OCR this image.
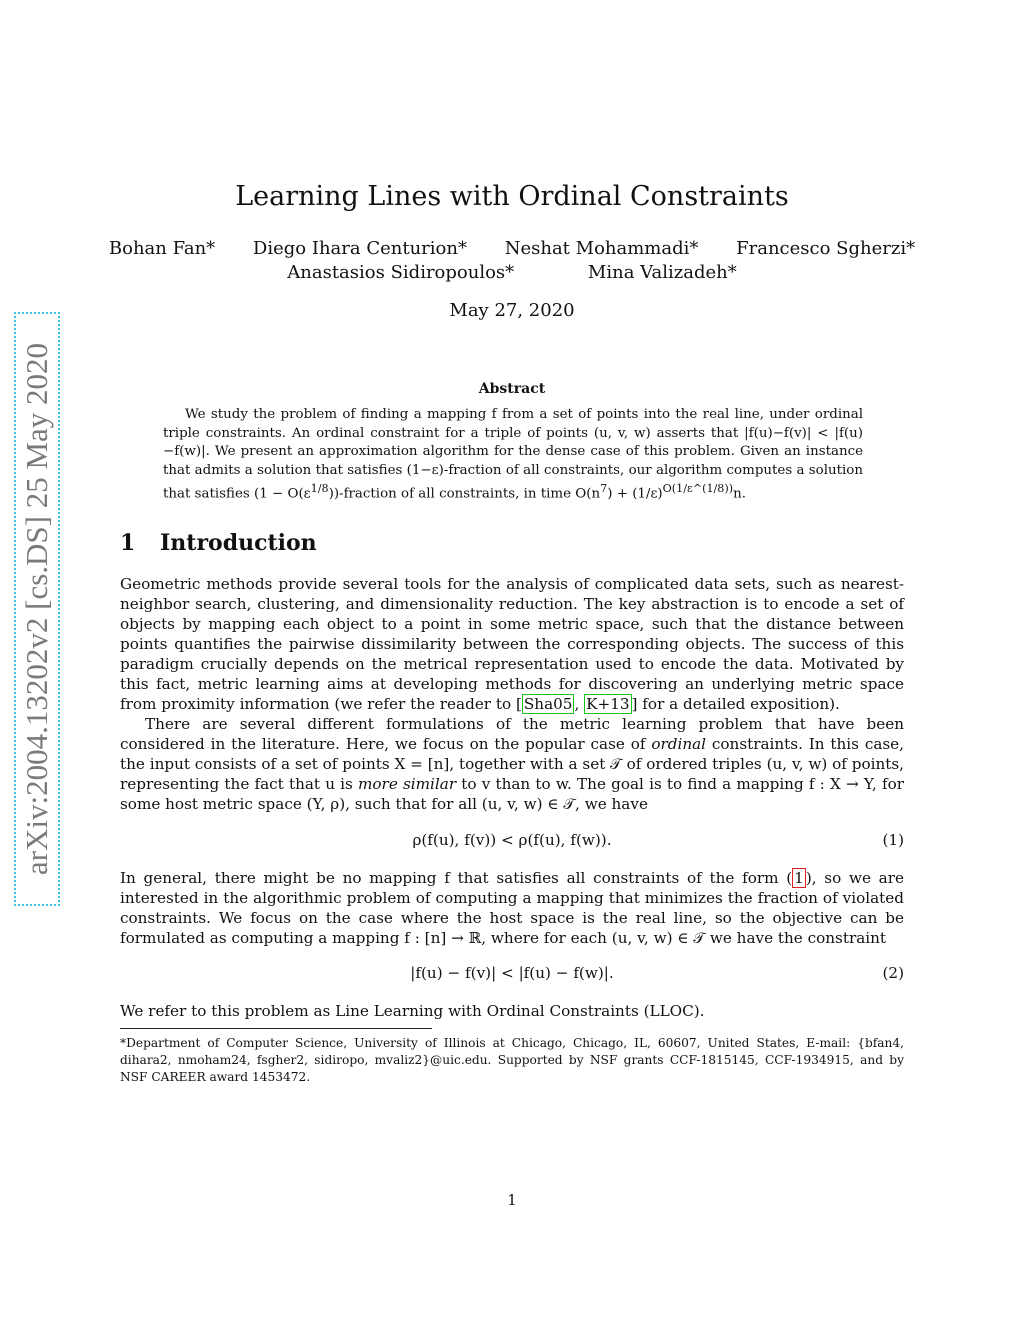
arXiv:2004.13202v2 [cs.DS] 25 May 2020
Learning Lines with Ordinal Constraints
Bohan Fan* Diego Ihara Centurion* Neshat Mohammadi* Francesco Sgherzi*
Anastasios Sidiropoulos*	Mina Valizadeh*
May 27, 2020
Abstract

We study the problem of finding a mapping f from a set of points into the real line, under ordinal triple constraints. An ordinal constraint for a triple of points (u, v, w) asserts that |f(u)−f(v)| < |f(u)−f(w)|. We present an approximation algorithm for the dense case of this problem. Given an instance that admits a solution that satisfies (1−ε)-fraction of all constraints, our algorithm computes a solution that satisfies $(1 - O(\varepsilon^{1/8}))$-fraction of all constraints, in time $O(n^7) + (1/\varepsilon)^{O(1/\varepsilon\^{}(1/8))}n$.

1 Introduction

Geometric methods provide several tools for the analysis of complicated data sets, such as nearest-neighbor search, clustering, and dimensionality reduction. The key abstraction is to encode a set of objects by mapping each object to a point in some metric space, such that the distance between points quantifies the pairwise dissimilarity between the corresponding objects. The success of this paradigm crucially depends on the metrical representation used to encode the data. Motivated by this fact, metric learning aims at developing methods for discovering an underlying metric space from proximity information (we refer the reader to [ Sha05 , K+13 ] for a detailed exposition).

There are several different formulations of the metric learning problem that have been considered in the literature. Here, we focus on the popular case of ordinal constraints. In this case, the input consists of a set of points X = [n], together with a set 𝒯 of ordered triples (u, v, w) of points, representing the fact that u is more similar to v than to w. The goal is to find a mapping f : X → Y, for some host metric space (Y, ρ), such that for all (u, v, w) ∈ 𝒯, we have

ρ(f(u), f(v)) < ρ(f(u), f(w)).	(1)

In general, there might be no mapping f that satisfies all constraints of the form ( 1 ), so we are interested in the algorithmic problem of computing a mapping that minimizes the fraction of violated constraints. We focus on the case where the host space is the real line, so the objective can be formulated as computing a mapping f : [n] → ℝ, where for each (u, v, w) ∈ 𝒯 we have the constraint

|f(u) − f(v)| < |f(u) − f(w)|.	(2)

We refer to this problem as Line Learning with Ordinal Constraints (LLOC).

*Department of Computer Science, University of Illinois at Chicago, Chicago, IL, 60607, United States, E-mail: {bfan4, dihara2, nmoham24, fsgher2, sidiropo, mvaliz2}@uic.edu. Supported by NSF grants CCF-1815145, CCF-1934915, and by NSF CAREER award 1453472.
1
